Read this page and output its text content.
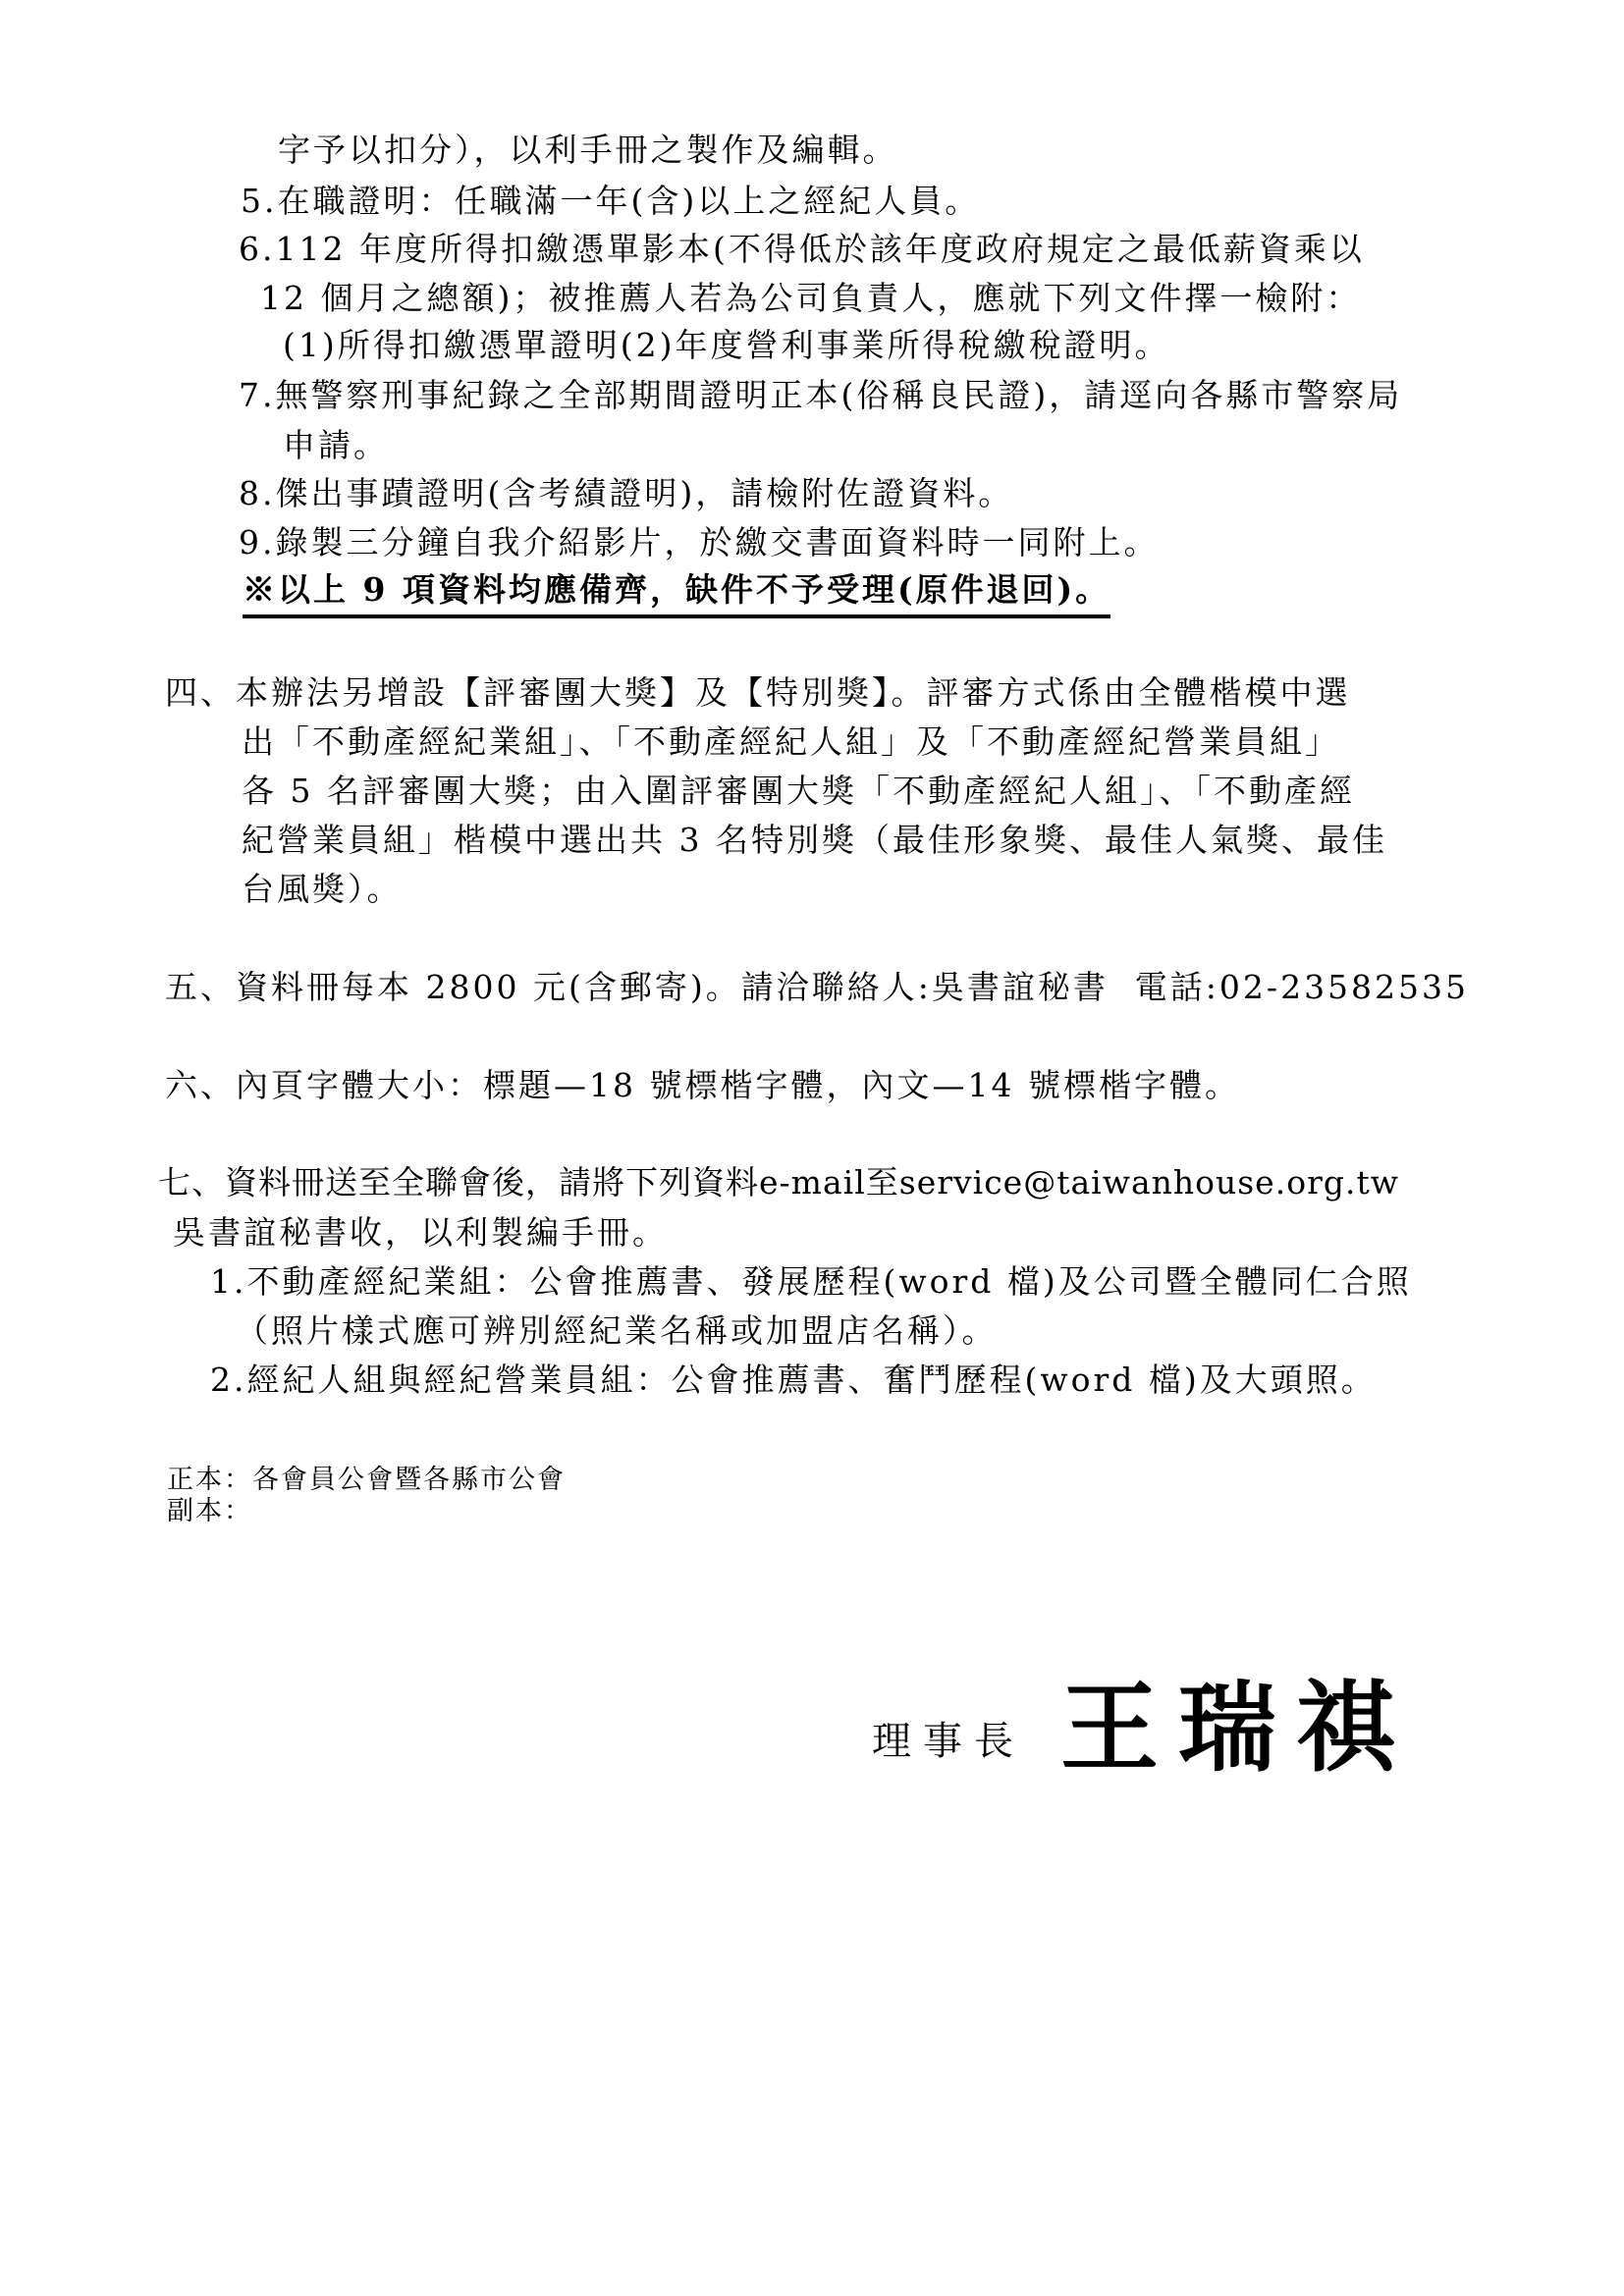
字予以扣分），以利手冊之製作及編輯。
5.在職證明：任職滿一年(含)以上之經紀人員。
6.112 年度所得扣繳憑單影本(不得低於該年度政府規定之最低薪資乘以
12 個月之總額)；被推薦人若為公司負責人，應就下列文件擇一檢附：
(1)所得扣繳憑單證明(2)年度營利事業所得稅繳稅證明。
7.無警察刑事紀錄之全部期間證明正本(俗稱良民證)，請逕向各縣市警察局
申請。
8.傑出事蹟證明(含考績證明)，請檢附佐證資料。
9.錄製三分鐘自我介紹影片，於繳交書面資料時一同附上。
※以上 9 項資料均應備齊，缺件不予受理(原件退回)。
四、本辦法另增設【評審團大獎】及【特別獎】。評審方式係由全體楷模中選
出「不動產經紀業組」、「不動產經紀人組」及「不動產經紀營業員組」
各 5 名評審團大獎；由入圍評審團大獎「不動產經紀人組」、「不動產經
紀營業員組」楷模中選出共 3 名特別獎（最佳形象獎、最佳人氣獎、最佳
台風獎）。
五、資料冊每本 2800 元(含郵寄)。請洽聯絡人:吳書誼秘書  電話:02-23582535
六、內頁字體大小：標題—18 號標楷字體，內文—14 號標楷字體。
七、資料冊送至全聯會後，請將下列資料e-mail至service@taiwanhouse.org.tw
吳書誼秘書收，以利製編手冊。
1.不動產經紀業組：公會推薦書、發展歷程(word 檔)及公司暨全體同仁合照
（照片樣式應可辨別經紀業名稱或加盟店名稱）。
2.經紀人組與經紀營業員組：公會推薦書、奮鬥歷程(word 檔)及大頭照。
正本：各會員公會暨各縣市公會
副本：
理事長 王瑞祺
